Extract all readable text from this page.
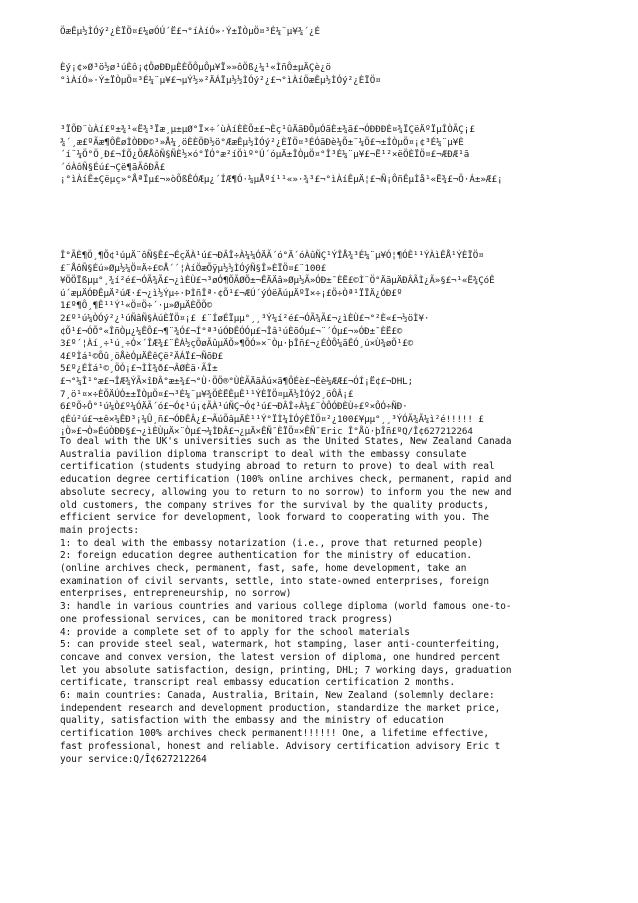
ÖæÊµ½ÌÓý²¿ÈÏÖ¤£¼øÓÚ´Ë£¬°íÀíÓ»·Ý±ÏÒµÖ¤³É¼¨µ¥¾´¿É

Èý¡¢»Ø³ö½ø¹úÈô¡¢ÔøÐÐµÈÈÕÔµÔµ¥Ï»»ôÖß¿¼¹«ÌñÔ±µÄÇè¿ö
°ìÀíÓ»·Ý±ÏÒµÖ¤³É¼¨µ¥£¬µÝ½»²ÄÁÏµ½½ÌÓý²¿£¬°ìÀíÖæÊµ½ÌÓý²¿ÈÏÖ¤

³ÏÕÐ¨ùÀí£º±¾¹«Ë¾³Ïæ¸µ±µØ°Ï×÷´ùÀíÈÈÕ±£¬Èç¹ûÄãÐÕµÓãÈ±¾ã£¬ÓÐÐÐÈ¤¾ÏÇëÄºÏµÎÒÃÇ¡£
¾´¸æ£ºÃæ¶ÔÊøÌÒÐÐ©³»Å¼¸öÈÈÖÐ½ö°ÆæÊµ½ÌÓý²¿ÈÏÖ¤³ÉÓãÐè¼Õ±¨¼Ö£¬±ÍÒµÖ¤¡¢³É¼¨µ¥È
´í¨¼Ö°Ö¸Ð£¬ÍÕ¿ÕÆÅôÑ§ÑÈ½×ó°ÏÓ°æ²íÖìº°Ú´óµÄ±ÎÒµÖ¤°Î³É¼¨µ¥£¬Ë¹²×ëÖÈÏÖ¤£¬ÆÐÆ¹ã
´óÀôÑ§Éú£¬Çë¶ãÃôÐÃ£
¡°ìÀíÊ±Çëµç»°ÅªÏµ£¬»òÕßÊÓÆµ¿´ÍÆ¶Ó·¼µÅºí¹¹«»·¾³£¬°ìÀíÊµÄ¦£¬Ñ¡ÔñÊµÌå¹«Ë¾£¬Ö·Á±»Æ£¡

Î°ÃÈ¶Ö¸¶Õ¢¹úµÄ¨ôÑ§Ê£¬ÉçÄÀ¹ú£¬ÐÂÎ÷À¼¼ÓÄÃ´ó°Ä´óÀûÑÇ¹ÝÎÅ¾³É¼¨µ¥Ó¦¶ÓÊ¹¹ÝÀìÊÅ¹ÝÈÏÖ¤
£¨ÅôÑ§Éú»Øµ½¼Ö¤Ä÷£©Å´´¦ÀíÖæÕÿµ½½ÌÓýÑ§Î»ÈÏÖ¤£¨100£
¥ÖÖÏßµµ°¸¾í²é£¬ÓÃ¾Ã£¬¿ìÈÙ£¬³øÓ¶ÕÃØÕ±¬ÊÄÄâ»Øµ½Ã»ÓÐ±¯ÈË£©Ì¨Ö°ÄãµÄÐÂÃÌ¿Ã»§£¬¹«Ë¾ÇóÊ
ú´æµÄÓÐÊµÄ²úÆ·£¬¿ì½Ýµ÷·ÞÌñÎª·¢Õ¹£¬ÆÚ´ýÓëÄúµÄºÏ×÷¡£Ö÷Òª¹ÏÏÄ¿ÓÐ£º
1£º¶Ô¸¶Ê¹¹Ý¹«Ö¤Ö÷´·µ»ØµÄÈÕÕ©
2£º¹ú¼ÒÓý²¿¹úÑâÑ§ÀúÈÏÖ¤¡£ £¨ÍøÉÏµµ°¸¸³Ý¼í²é£¬ÓÃ¾Ã£¬¿ìÈÙ£¬°²È«£¬½öÌ¥·
¢Õ¹£¬ÓÕ°«ÎñÒµ¿¼ÊÔ£¬¶¨¾Ó£¬Í°ª³úÓÐÊÓÓµ£¬Îâ¹úÈõÓµ£¬¨´Óµ£¬»ÓÐ±¯ÈË£©
3£º´¦Àí¸÷¹ú¸÷Ó×´ÎÆ¾£¨ÊÀ½çÕøÃûµÄÕ»¶ÕÓ»×¨Òµ·þÎñ£¬¿ÉÒÔ¼ãÊÓ¸ú×Ù¾øÕ¹£©
4£ºÌá¹©Õû¸öÅèÓµÄÊêÇë²ÄÁÏ£¬ÑõÐ£
5£º¿ÉÌá¹©¸ÖÓ¡£¬ÌÌ¾ð£¬ÂØÈä·ÃÎ±
£¬°¼Î¹°æ£¬ÎÆ¾ÝÃ×îÐÂ°æ±¾£¬°Ù·ÖÖ®°ÙÈÃÄãÂú×ã¶ÔÉè£¬Éè¼ÆÆ£¬ÓÍ¡Ë¢£¬DHL;
7¸ö¹¤×÷ÈÕÄÚÓ±±ÏÒµÖ¤£¬³É¼¨µ¥¾ÖÈËÊµÊ¹¹ÝÈÏÖ¤µÄ½ÌÓý2¸öÔÂ¡£
6£ºÕ÷Ô°¹ú¼Ò£º¼ÓÄÃ´ó£¬Ó¢¹ú¡¢ÃÀ¹úÑÇ¬Ó¢¹ú£¬ÐÂÎ÷À¼£¨ÒÔÓÐÈÙ÷£º×ÔÓ÷ÑÐ·
¢Éú²ú£¬±ê×¼ÊÐ³¡¼Û¸ñ£¬ÓÐÊÂ¿£¬ÃúÕâµÄÈ¹¹Ý°ÏÌ¼ÌÓýÈÏÖ¤²¿100£¥µµ°¸¸³ÝÓÃ¾Ã¼ì²é!!!!! £
¡Ò»£¬Ò»ÉúÒÐÐ§£¬¿ìÈÙµÄ×¨Òµ£¬¼ÌÐÂ£¬¿µÄ×ÊÑ¯ÈÏÖ¤×ÊÑ¯Eric Î°Åû·þÎñ£ºQ/Î¢627212264

To deal with the UK's universities such as the United States, New Zealand Canada
Australia pavilion diploma transcript to deal with the embassy consulate
certification (students studying abroad to return to prove) to deal with real
education degree certification (100% online archives check, permanent, rapid and
absolute secrecy, allowing you to return to no sorrow) to inform you the new and
old customers, the company strives for the survival by the quality products,
efficient service for development, look forward to cooperating with you. The
main projects:
1: to deal with the embassy notarization (i.e., prove that returned people)
2: foreign education degree authentication for the ministry of education.
(online archives check, permanent, fast, safe, home development, take an
examination of civil servants, settle, into state-owned enterprises, foreign
enterprises, entrepreneurship, no sorrow)
3: handle in various countries and various college diploma (world famous one-to-
one professional services, can be monitored track progress)
4: provide a complete set of to apply for the school materials
5: can provide steel seal, watermark, hot stamping, laser anti-counterfeiting,
concave and convex version, the latest version of diploma, one hundred percent
let you absolute satisfaction, design, printing, DHL; 7 working days, graduation
certificate, transcript real embassy education certification 2 months.
6: main countries: Canada, Australia, Britain, New Zealand (solemnly declare:
independent research and development production, standardize the market price,
quality, satisfaction with the embassy and the ministry of education
certification 100% archives check permanent!!!!!! One, a lifetime effective,
fast professional, honest and reliable. Advisory certification advisory Eric t
your service:Q/Î¢627212264
